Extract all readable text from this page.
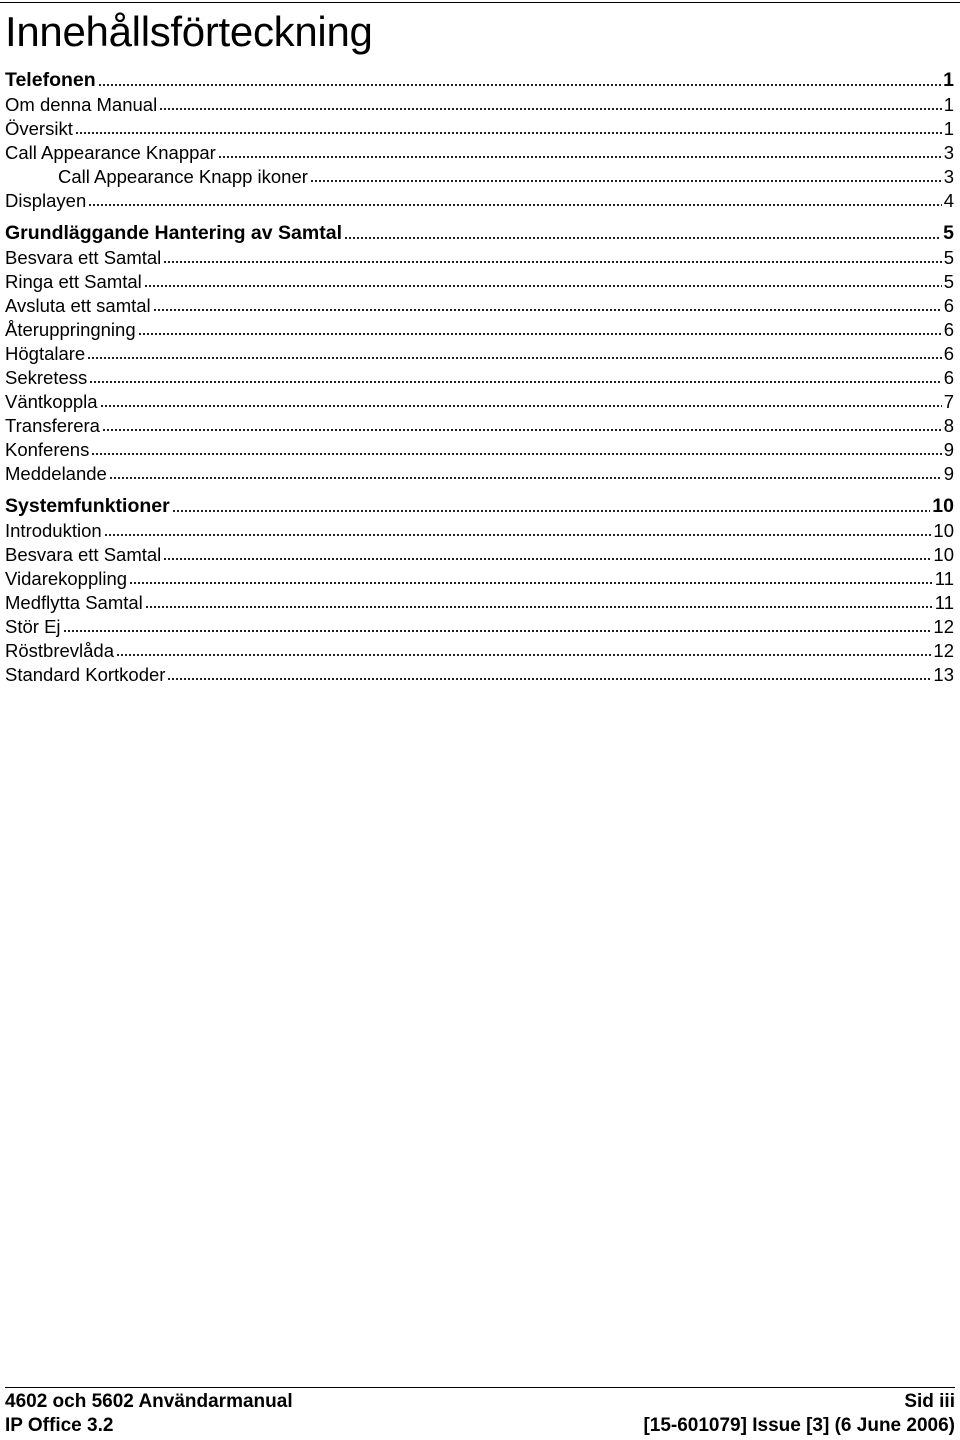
Innehållsförteckning
Telefonen	1
Om denna Manual	1
Översikt	1
Call Appearance Knappar	3
Call Appearance Knapp ikoner	3
Displayen	4
Grundläggande Hantering av Samtal	5
Besvara ett Samtal	5
Ringa ett Samtal	5
Avsluta ett samtal	6
Återuppringning	6
Högtalare	6
Sekretess	6
Väntkoppla	7
Transferera	8
Konferens	9
Meddelande	9
Systemfunktioner	10
Introduktion	10
Besvara ett Samtal	10
Vidarekoppling	11
Medflytta Samtal	11
Stör Ej	12
Röstbrevlåda	12
Standard Kortkoder	13
4602 och 5602 Användarmanual	Sid iii
IP Office 3.2	[15-601079] Issue [3] (6 June 2006)
